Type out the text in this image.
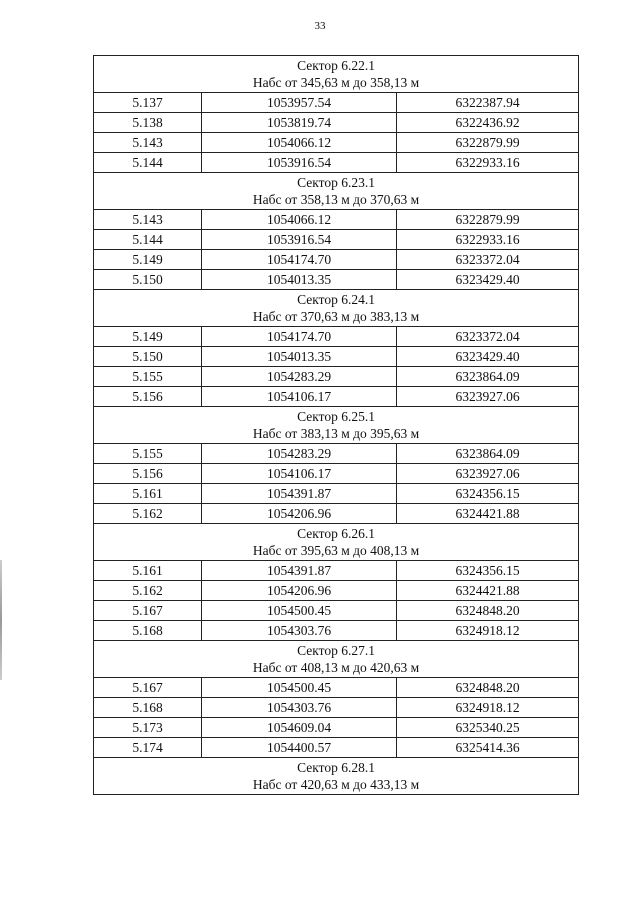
33
Сектор 6.22.1
Набс от 345,63 м до 358,13 м		

5.137	1053957.54	6322387.94
5.138	1053819.74	6322436.92
5.143	1054066.12	6322879.99
5.144	1053916.54	6322933.16

Сектор 6.23.1
Набс от 358,13 м до 370,63 м		

5.143	1054066.12	6322879.99
5.144	1053916.54	6322933.16
5.149	1054174.70	6323372.04
5.150	1054013.35	6323429.40

Сектор 6.24.1
Набс от 370,63 м до 383,13 м		

5.149	1054174.70	6323372.04
5.150	1054013.35	6323429.40
5.155	1054283.29	6323864.09
5.156	1054106.17	6323927.06

Сектор 6.25.1
Набс от 383,13 м до 395,63 м		

5.155	1054283.29	6323864.09
5.156	1054106.17	6323927.06
5.161	1054391.87	6324356.15
5.162	1054206.96	6324421.88

Сектор 6.26.1
Набс от 395,63 м до 408,13 м		

5.161	1054391.87	6324356.15
5.162	1054206.96	6324421.88
5.167	1054500.45	6324848.20
5.168	1054303.76	6324918.12

Сектор 6.27.1
Набс от 408,13 м до 420,63 м		

5.167	1054500.45	6324848.20
5.168	1054303.76	6324918.12
5.173	1054609.04	6325340.25
5.174	1054400.57	6325414.36

Сектор 6.28.1
Набс от 420,63 м до 433,13 м		
